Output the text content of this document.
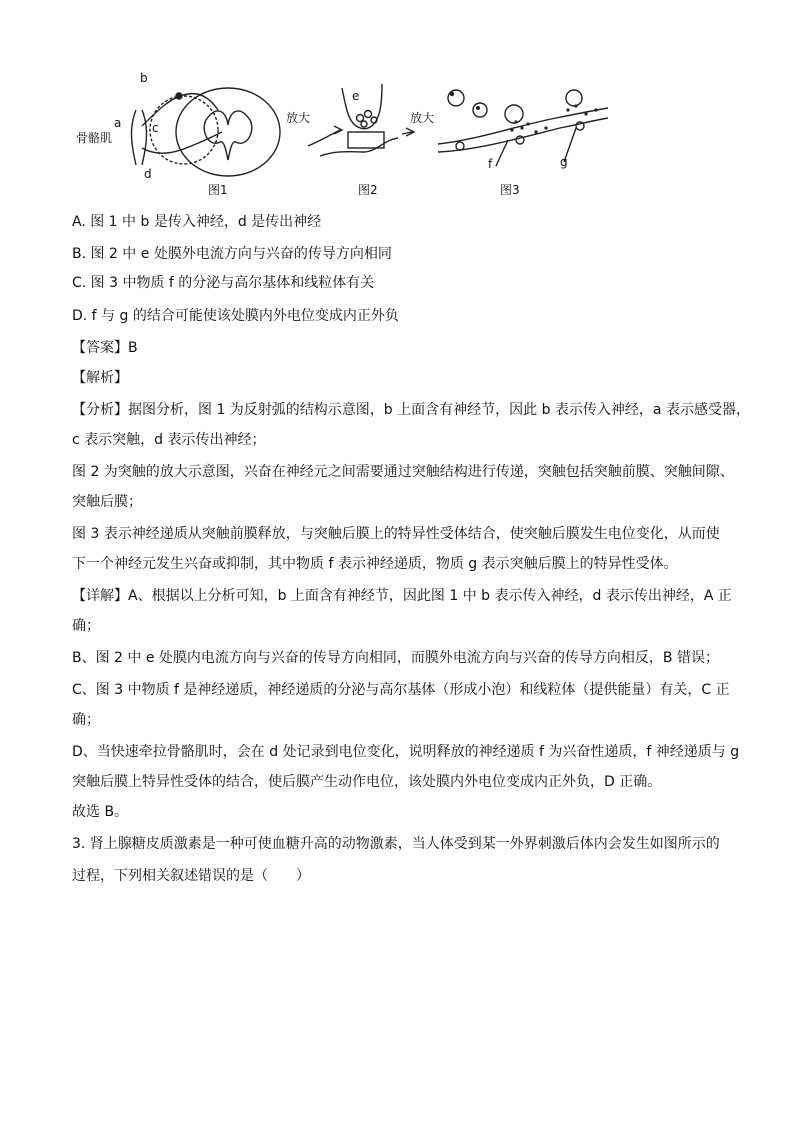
b
a	c
d
骨骼肌
放大
e
放大
f	g
图1	图2	图3
A. 图 1 中 b 是传入神经，d 是传出神经
B. 图 2 中 e 处膜外电流方向与兴奋的传导方向相同
C. 图 3 中物质 f 的分泌与高尔基体和线粒体有关
D. f 与 g 的结合可能使该处膜内外电位变成内正外负
【答案】B
【解析】
【分析】据图分析，图 1 为反射弧的结构示意图，b 上面含有神经节，因此 b 表示传入神经，a 表示感受器，
c 表示突触，d 表示传出神经；
图 2 为突触的放大示意图，兴奋在神经元之间需要通过突触结构进行传递，突触包括突触前膜、突触间隙、
突触后膜；
图 3 表示神经递质从突触前膜释放，与突触后膜上的特异性受体结合，使突触后膜发生电位变化，从而使
下一个神经元发生兴奋或抑制，其中物质 f 表示神经递质，物质 g 表示突触后膜上的特异性受体。
【详解】A、根据以上分析可知，b 上面含有神经节，因此图 1 中 b 表示传入神经，d 表示传出神经，A 正
确；
B、图 2 中 e 处膜内电流方向与兴奋的传导方向相同，而膜外电流方向与兴奋的传导方向相反，B 错误；
C、图 3 中物质 f 是神经递质，神经递质的分泌与高尔基体（形成小泡）和线粒体（提供能量）有关，C 正
确；
D、当快速牵拉骨骼肌时，会在 d 处记录到电位变化，说明释放的神经递质 f 为兴奋性递质，f 神经递质与 g
突触后膜上特异性受体的结合，使后膜产生动作电位，该处膜内外电位变成内正外负，D 正确。
故选 B。
3. 肾上腺糖皮质激素是一种可使血糖升高的动物激素，当人体受到某一外界刺激后体内会发生如图所示的
过程，下列相关叙述错误的是（　　）
